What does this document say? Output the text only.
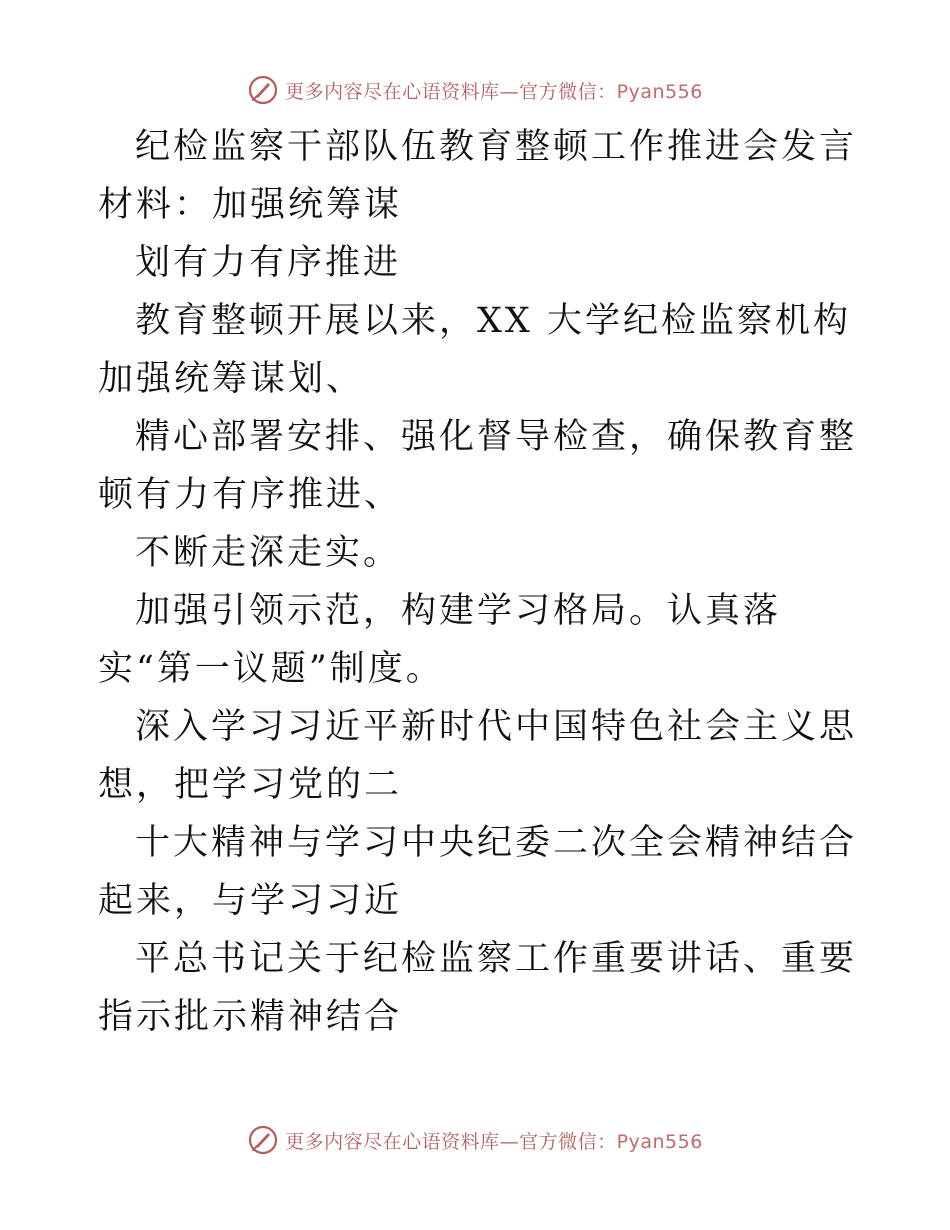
更多内容尽在心语资料库—官方微信：Pyan556

纪检监察干部队伍教育整顿工作推进会发言材料：加强统筹谋

划有力有序推进

教育整顿开展以来，XX 大学纪检监察机构加强统筹谋划、

精心部署安排、强化督导检查，确保教育整顿有力有序推进、

不断走深走实。

加强引领示范，构建学习格局。认真落实“第一议题”制度。

深入学习习近平新时代中国特色社会主义思想，把学习党的二

十大精神与学习中央纪委二次全会精神结合起来，与学习习近

平总书记关于纪检监察工作重要讲话、重要指示批示精神结合

更多内容尽在心语资料库—官方微信：Pyan556
